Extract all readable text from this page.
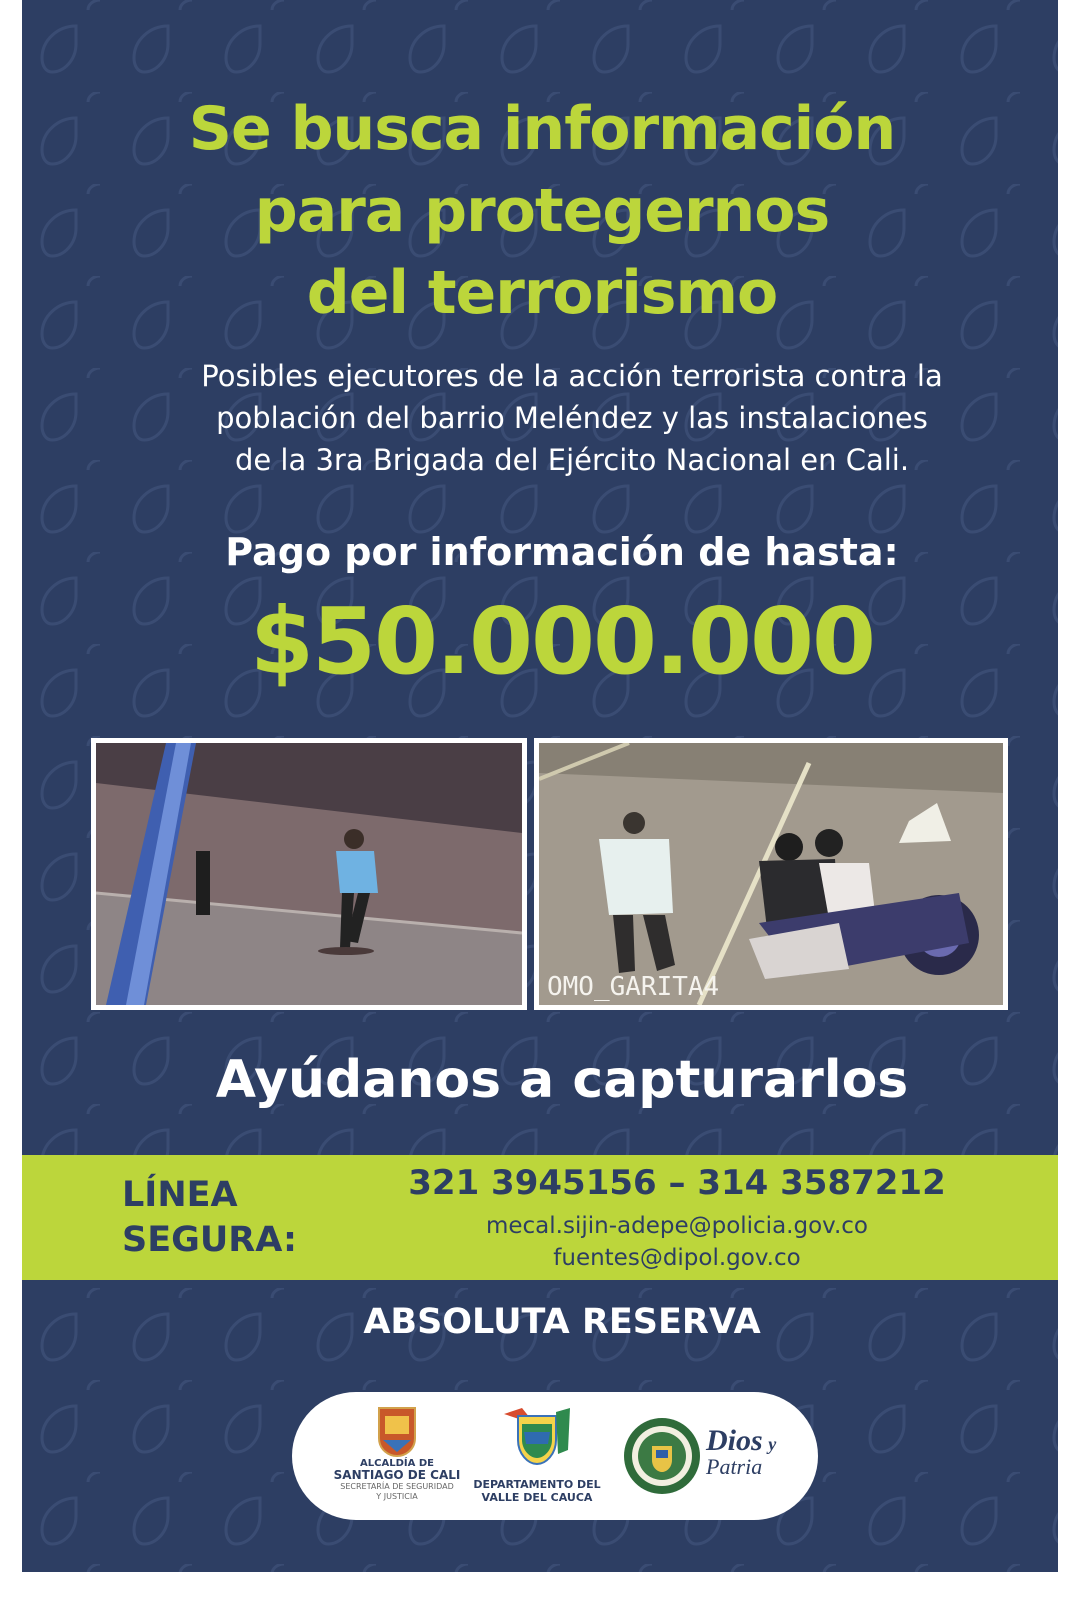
Se busca información
para protegernos
del terrorismo
Posibles ejecutores de la acción terrorista contra la
población del barrio Meléndez y las instalaciones
de la 3ra Brigada del Ejército Nacional en Cali.
Pago por información de hasta:
$50.000.000
OMO_GARITA4
Ayúdanos a capturarlos
LÍNEA
SEGURA:
321 3945156 – 314 3587212
mecal.sijin-adepe@policia.gov.co
fuentes@dipol.gov.co
ABSOLUTA RESERVA
ALCALDÍA DE
SANTIAGO DE CALI
SECRETARÍA DE SEGURIDAD
Y JUSTICIA
DEPARTAMENTO DEL
VALLE DEL CAUCA
Dios y
Patria
